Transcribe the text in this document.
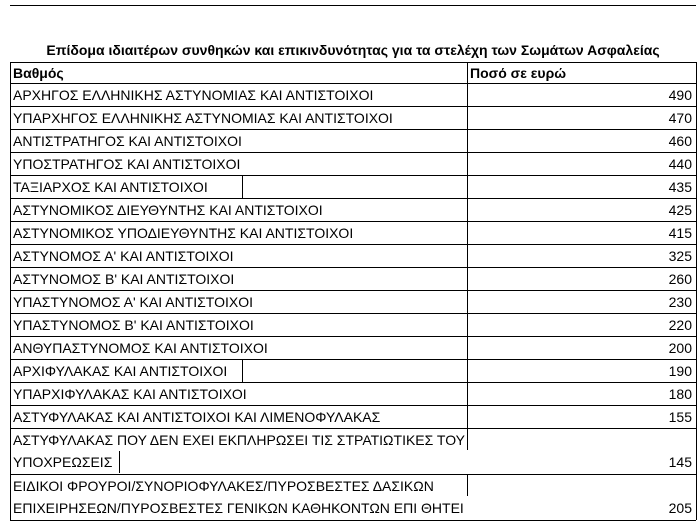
Επίδομα ιδιαιτέρων συνθηκών και επικινδυνότητας για τα στελέχη των Σωμάτων Ασφαλείας
Βαθμός	Ποσό σε ευρώ
ΑΡΧΗΓΟΣ ΕΛΛΗΝΙΚΗΣ ΑΣΤΥΝΟΜΙΑΣ ΚΑΙ ΑΝΤΙΣΤΟΙΧΟΙ	490
ΥΠΑΡΧΗΓΟΣ ΕΛΛΗΝΙΚΗΣ ΑΣΤΥΝΟΜΙΑΣ ΚΑΙ ΑΝΤΙΣΤΟΙΧΟΙ	470
ΑΝΤΙΣΤΡΑΤΗΓΟΣ ΚΑΙ ΑΝΤΙΣΤΟΙΧΟΙ	460
ΥΠΟΣΤΡΑΤΗΓΟΣ ΚΑΙ ΑΝΤΙΣΤΟΙΧΟΙ	440
ΤΑΞΙΑΡΧΟΣ ΚΑΙ ΑΝΤΙΣΤΟΙΧΟΙ	435
ΑΣΤΥΝΟΜΙΚΟΣ ΔΙΕΥΘΥΝΤΗΣ ΚΑΙ ΑΝΤΙΣΤΟΙΧΟΙ	425
ΑΣΤΥΝΟΜΙΚΟΣ ΥΠΟΔΙΕΥΘΥΝΤΗΣ ΚΑΙ ΑΝΤΙΣΤΟΙΧΟΙ	415
ΑΣΤΥΝΟΜΟΣ Α' ΚΑΙ ΑΝΤΙΣΤΟΙΧΟΙ	325
ΑΣΤΥΝΟΜΟΣ Β' ΚΑΙ ΑΝΤΙΣΤΟΙΧΟΙ	260
ΥΠΑΣΤΥΝΟΜΟΣ Α' ΚΑΙ ΑΝΤΙΣΤΟΙΧΟΙ	230
ΥΠΑΣΤΥΝΟΜΟΣ Β' ΚΑΙ ΑΝΤΙΣΤΟΙΧΟΙ	220
ΑΝΘΥΠΑΣΤΥΝΟΜΟΣ ΚΑΙ ΑΝΤΙΣΤΟΙΧΟΙ	200
ΑΡΧΙΦΥΛΑΚΑΣ ΚΑΙ ΑΝΤΙΣΤΟΙΧΟΙ	190
ΥΠΑΡΧΙΦΥΛΑΚΑΣ ΚΑΙ ΑΝΤΙΣΤΟΙΧΟΙ	180
ΑΣΤΥΦΥΛΑΚΑΣ ΚΑΙ ΑΝΤΙΣΤΟΙΧΟΙ ΚΑΙ ΛΙΜΕΝΟΦΥΛΑΚΑΣ	155
ΑΣΤΥΦΥΛΑΚΑΣ ΠΟΥ ΔΕΝ ΕΧΕΙ ΕΚΠΛΗΡΩΣΕΙ ΤΙΣ ΣΤΡΑΤΙΩΤΙΚΕΣ ΤΟΥ
ΥΠΟΧΡΕΩΣΕΙΣ	145
ΕΙΔΙΚΟΙ ΦΡΟΥΡΟΙ/ΣΥΝΟΡΙΟΦΥΛΑΚΕΣ/ΠΥΡΟΣΒΕΣΤΕΣ ΔΑΣΙΚΩΝ
ΕΠΙΧΕΙΡΗΣΕΩΝ/ΠΥΡΟΣΒΕΣΤΕΣ ΓΕΝΙΚΩΝ ΚΑΘΗΚΟΝΤΩΝ ΕΠΙ ΘΗΤΕΙ	205
